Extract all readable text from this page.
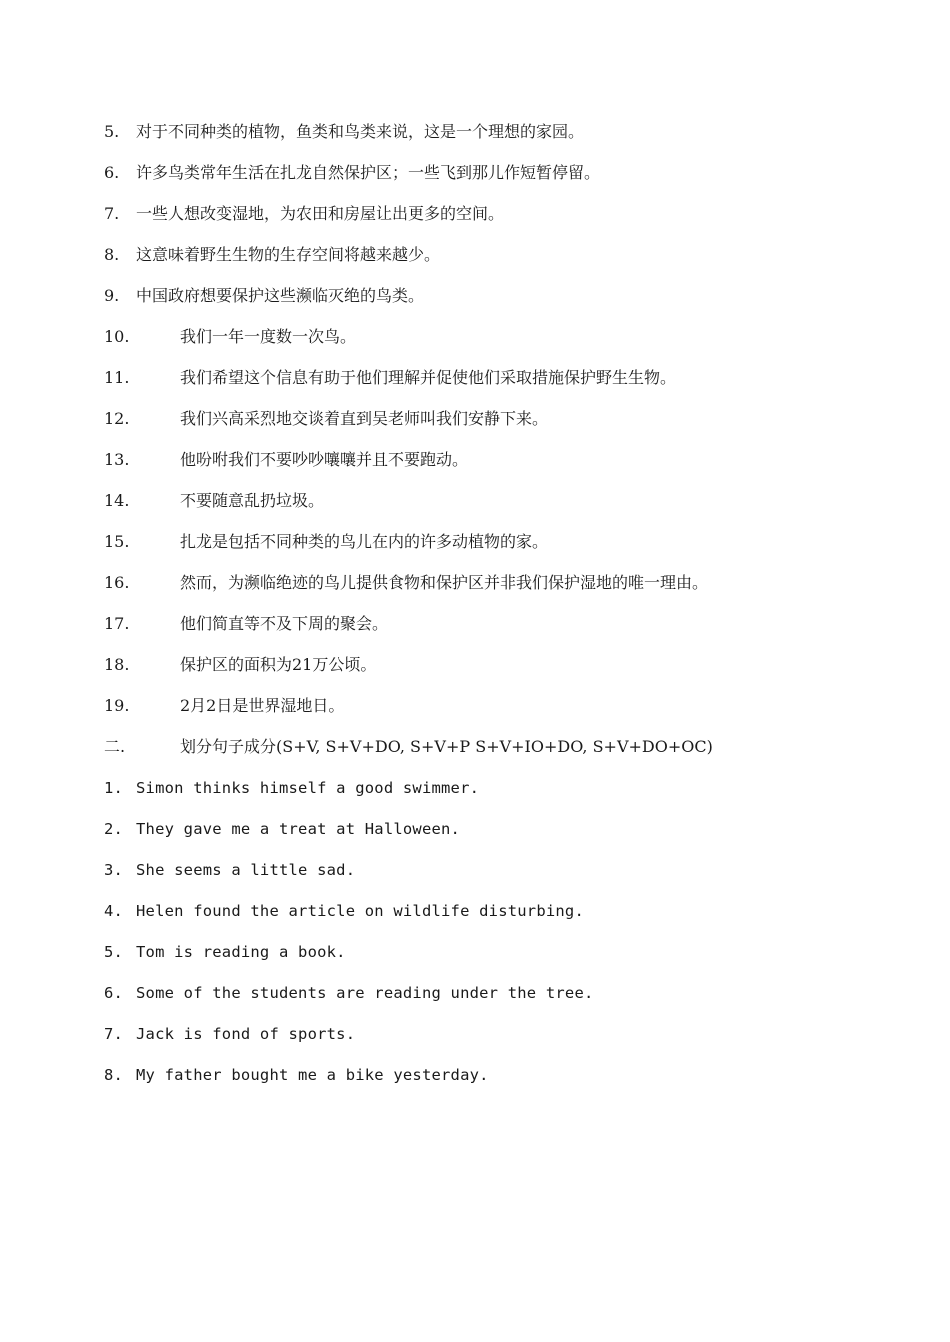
5.	对于不同种类的植物，鱼类和鸟类来说，这是一个理想的家园。
6.	许多鸟类常年生活在扎龙自然保护区；一些飞到那儿作短暂停留。
7.	一些人想改变湿地，为农田和房屋让出更多的空间。
8.	这意味着野生生物的生存空间将越来越少。
9.	中国政府想要保护这些濒临灭绝的鸟类。
10.	我们一年一度数一次鸟。
11.	我们希望这个信息有助于他们理解并促使他们采取措施保护野生生物。
12.	我们兴高采烈地交谈着直到吴老师叫我们安静下来。
13.	他吩咐我们不要吵吵嚷嚷并且不要跑动。
14.	不要随意乱扔垃圾。
15.	扎龙是包括不同种类的鸟儿在内的许多动植物的家。
16.	然而，为濒临绝迹的鸟儿提供食物和保护区并非我们保护湿地的唯一理由。
17.	他们简直等不及下周的聚会。
18.	保护区的面积为21万公顷。
19.	2月2日是世界湿地日。
二.	划分句子成分(S+V, S+V+DO, S+V+P S+V+IO+DO, S+V+DO+OC)
1. Simon thinks himself a good swimmer.
2. They gave me a treat at Halloween.
3. She seems a little sad.
4. Helen found the article on wildlife disturbing.
5. Tom is reading a book.
6. Some of the students are reading under the tree.
7. Jack is fond of sports.
8. My father bought me a bike yesterday.
